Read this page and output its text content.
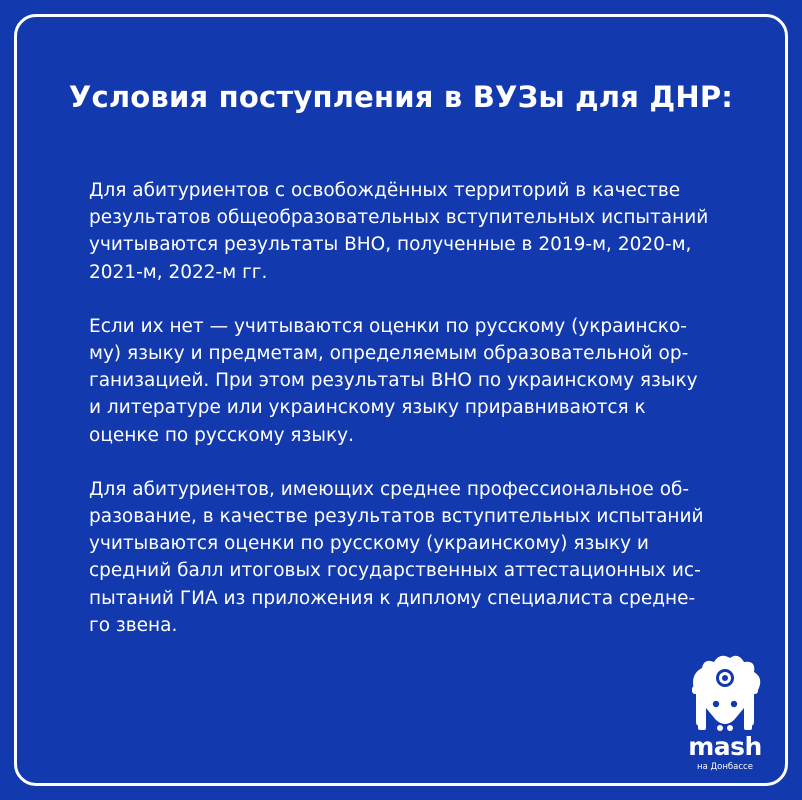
Условия поступления в ВУЗы для ДНР:

Для абитуриентов с освобождённых территорий в качестве
результатов общеобразовательных вступительных испытаний
учитываются результаты ВНО, полученные в 2019-м, 2020-м,
2021-м, 2022-м гг.

Если их нет — учитываются оценки по русскому (украинско-
му) языку и предметам, определяемым образовательной ор-
ганизацией. При этом результаты ВНО по украинскому языку
и литературе или украинскому языку приравниваются к
оценке по русскому языку.

Для абитуриентов, имеющих среднее профессиональное об-
разование, в качестве результатов вступительных испытаний
учитываются оценки по русскому (украинскому) языку и
средний балл итоговых государственных аттестационных ис-
пытаний ГИА из приложения к диплому специалиста средне-
го звена.

mash
на Донбассе
